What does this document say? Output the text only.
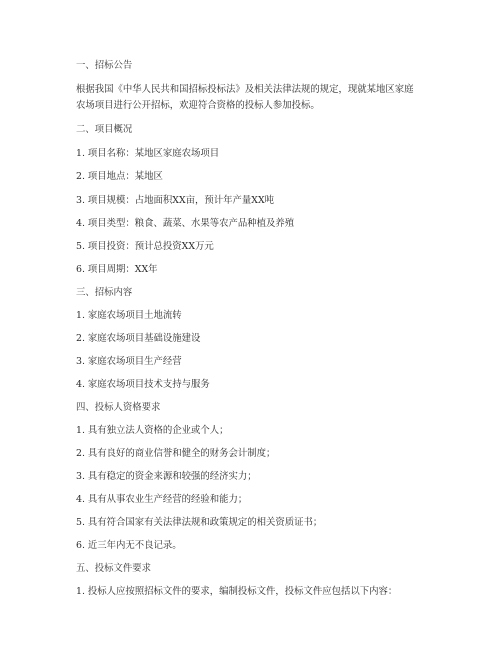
一、招标公告
根据我国《中华人民共和国招标投标法》及相关法律法规的规定，现就某地区家庭
农场项目进行公开招标，欢迎符合资格的投标人参加投标。
二、项目概况
1. 项目名称：某地区家庭农场项目
2. 项目地点：某地区
3. 项目规模：占地面积XX亩，预计年产量XX吨
4. 项目类型：粮食、蔬菜、水果等农产品种植及养殖
5. 项目投资：预计总投资XX万元
6. 项目周期：XX年
三、招标内容
1. 家庭农场项目土地流转
2. 家庭农场项目基础设施建设
3. 家庭农场项目生产经营
4. 家庭农场项目技术支持与服务
四、投标人资格要求
1. 具有独立法人资格的企业或个人；
2. 具有良好的商业信誉和健全的财务会计制度；
3. 具有稳定的资金来源和较强的经济实力；
4. 具有从事农业生产经营的经验和能力；
5. 具有符合国家有关法律法规和政策规定的相关资质证书；
6. 近三年内无不良记录。
五、投标文件要求
1. 投标人应按照招标文件的要求，编制投标文件，投标文件应包括以下内容：
